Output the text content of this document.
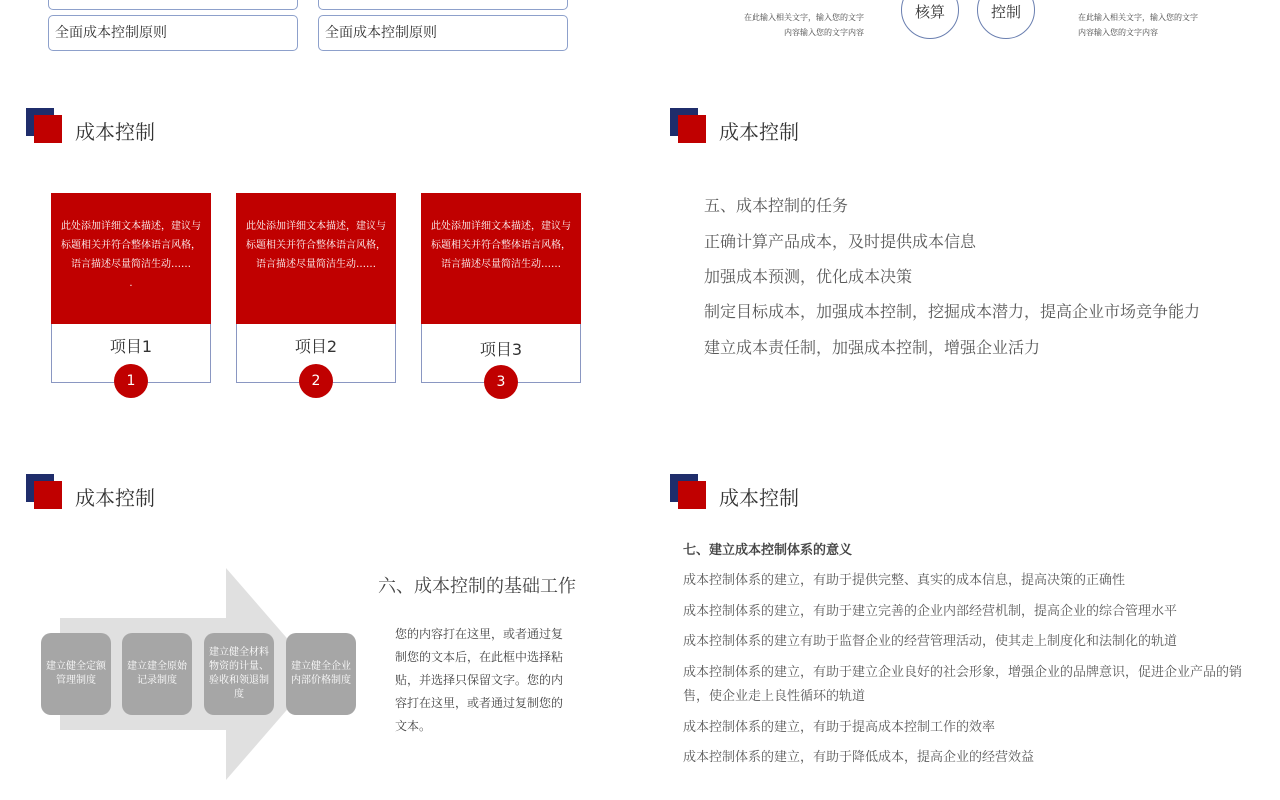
全面成本控制原则	全面成本控制原则
在此输入相关文字，输入您的文字
内容输入您的文字内容
核算	控制	在此输入相关文字，输入您的文字
内容输入您的文字内容
成本控制
此处添加详细文本描述，建议与标题相关并符合整体语言风格，语言描述尽量简洁生动……
.
项目1
1
此处添加详细文本描述，建议与标题相关并符合整体语言风格，语言描述尽量简洁生动……
项目2
2
此处添加详细文本描述，建议与标题相关并符合整体语言风格，语言描述尽量简洁生动……
项目3
3
成本控制
五、成本控制的任务
正确计算产品成本，及时提供成本信息
加强成本预测，优化成本决策
制定目标成本，加强成本控制，挖掘成本潜力，提高企业市场竞争能力
建立成本责任制，加强成本控制，增强企业活力
成本控制
建立健全定额管理制度
建立建全原始记录制度
建立健全材料物资的计量、验收和领退制度
建立健全企业内部价格制度
六、成本控制的基础工作
您的内容打在这里，或者通过复制您的文本后，在此框中选择粘贴，并选择只保留文字。您的内容打在这里，或者通过复制您的文本。
成本控制
七、建立成本控制体系的意义
成本控制体系的建立，有助于提供完整、真实的成本信息，提高决策的正确性
成本控制体系的建立，有助于建立完善的企业内部经营机制，提高企业的综合管理水平
成本控制体系的建立有助于监督企业的经营管理活动，使其走上制度化和法制化的轨道
成本控制体系的建立，有助于建立企业良好的社会形象，增强企业的品牌意识，促进企业产品的销
售，使企业走上良性循环的轨道
成本控制体系的建立，有助于提高成本控制工作的效率
成本控制体系的建立，有助于降低成本，提高企业的经营效益
